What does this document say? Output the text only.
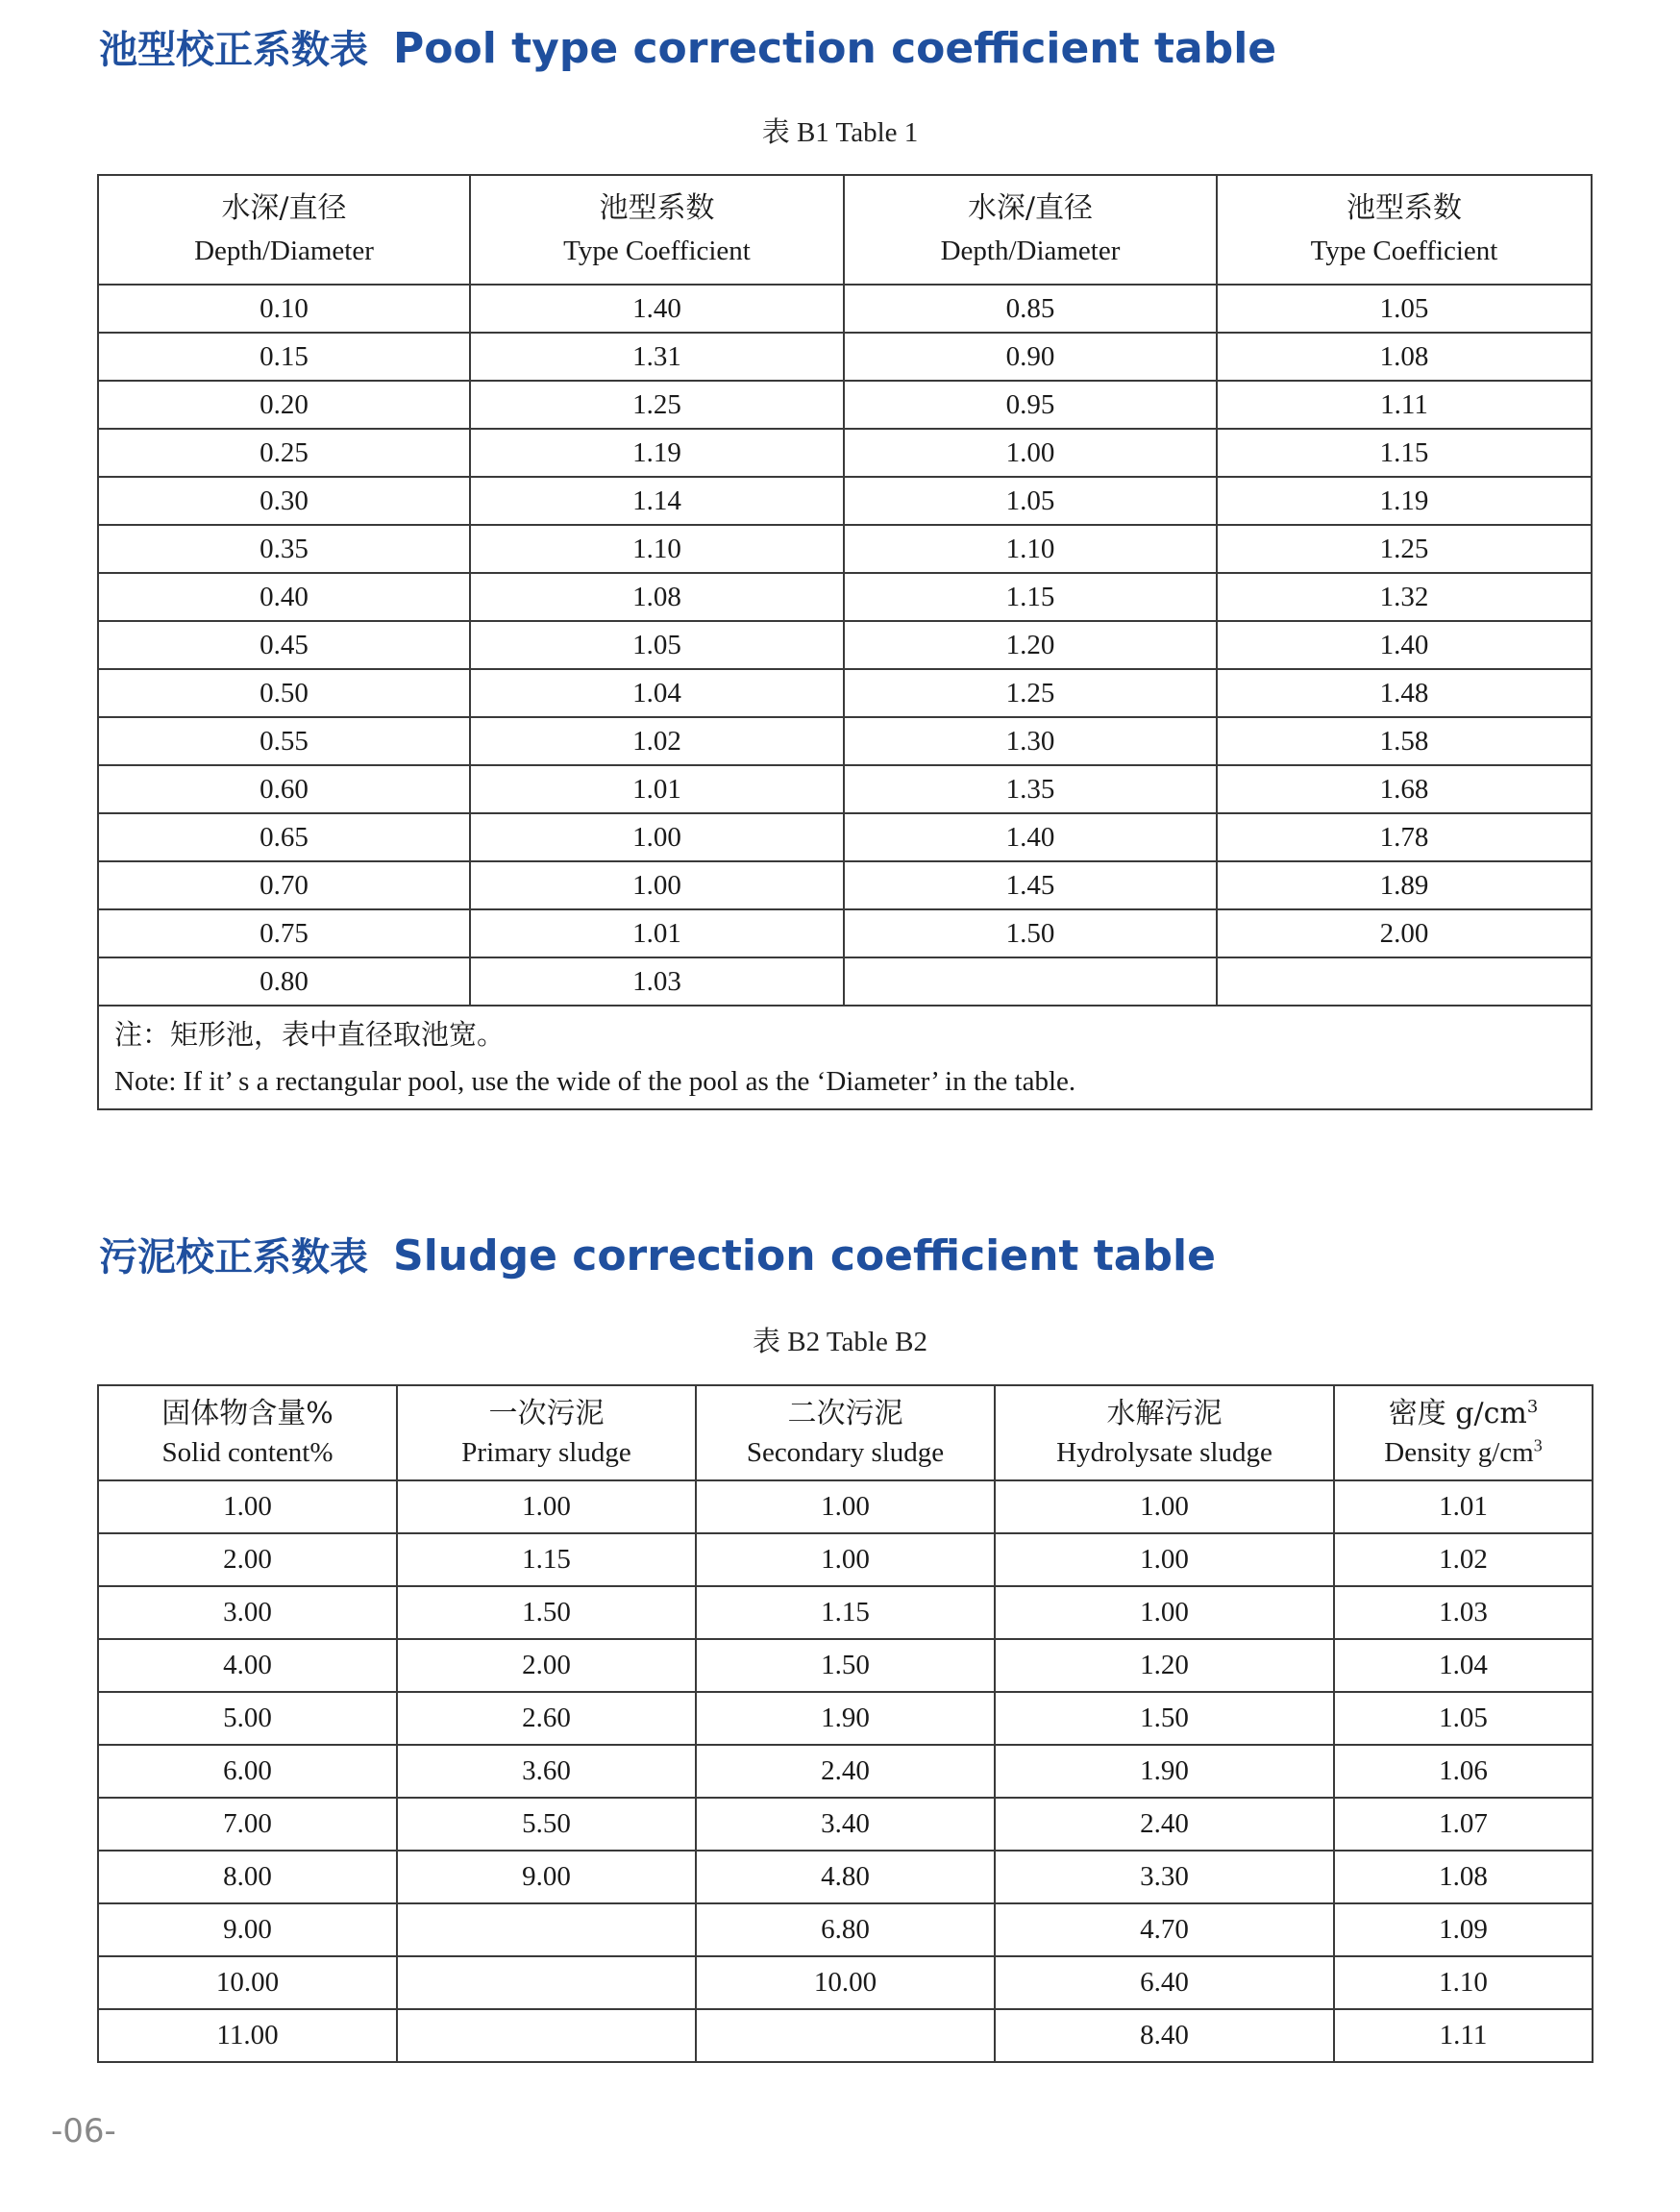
池型校正系数表 Pool type correction coefficient table
表 B1 Table 1
水深/直径
Depth/Diameter	池型系数
Type Coefficient	水深/直径
Depth/Diameter	池型系数
Type Coefficient

0.10	1.40	0.85	1.05
0.15	1.31	0.90	1.08
0.20	1.25	0.95	1.11
0.25	1.19	1.00	1.15
0.30	1.14	1.05	1.19
0.35	1.10	1.10	1.25
0.40	1.08	1.15	1.32
0.45	1.05	1.20	1.40
0.50	1.04	1.25	1.48
0.55	1.02	1.30	1.58
0.60	1.01	1.35	1.68
0.65	1.00	1.40	1.78
0.70	1.00	1.45	1.89
0.75	1.01	1.50	2.00
0.80	1.03		

注：矩形池，表中直径取池宽。
Note: If it’ s a rectangular pool, use the wide of the pool as the ‘Diameter’ in the table.			
污泥校正系数表 Sludge correction coefficient table
表 B2 Table B2
固体物含量%
Solid content%	一次污泥
Primary sludge	二次污泥
Secondary sludge	水解污泥
Hydrolysate sludge	密度 $g/cm^3$
Density $g/cm^3$

1.00	1.00	1.00	1.00	1.01
2.00	1.15	1.00	1.00	1.02
3.00	1.50	1.15	1.00	1.03
4.00	2.00	1.50	1.20	1.04
5.00	2.60	1.90	1.50	1.05
6.00	3.60	2.40	1.90	1.06
7.00	5.50	3.40	2.40	1.07
8.00	9.00	4.80	3.30	1.08
9.00		6.80	4.70	1.09
10.00		10.00	6.40	1.10
11.00			8.40	1.11
-06-
